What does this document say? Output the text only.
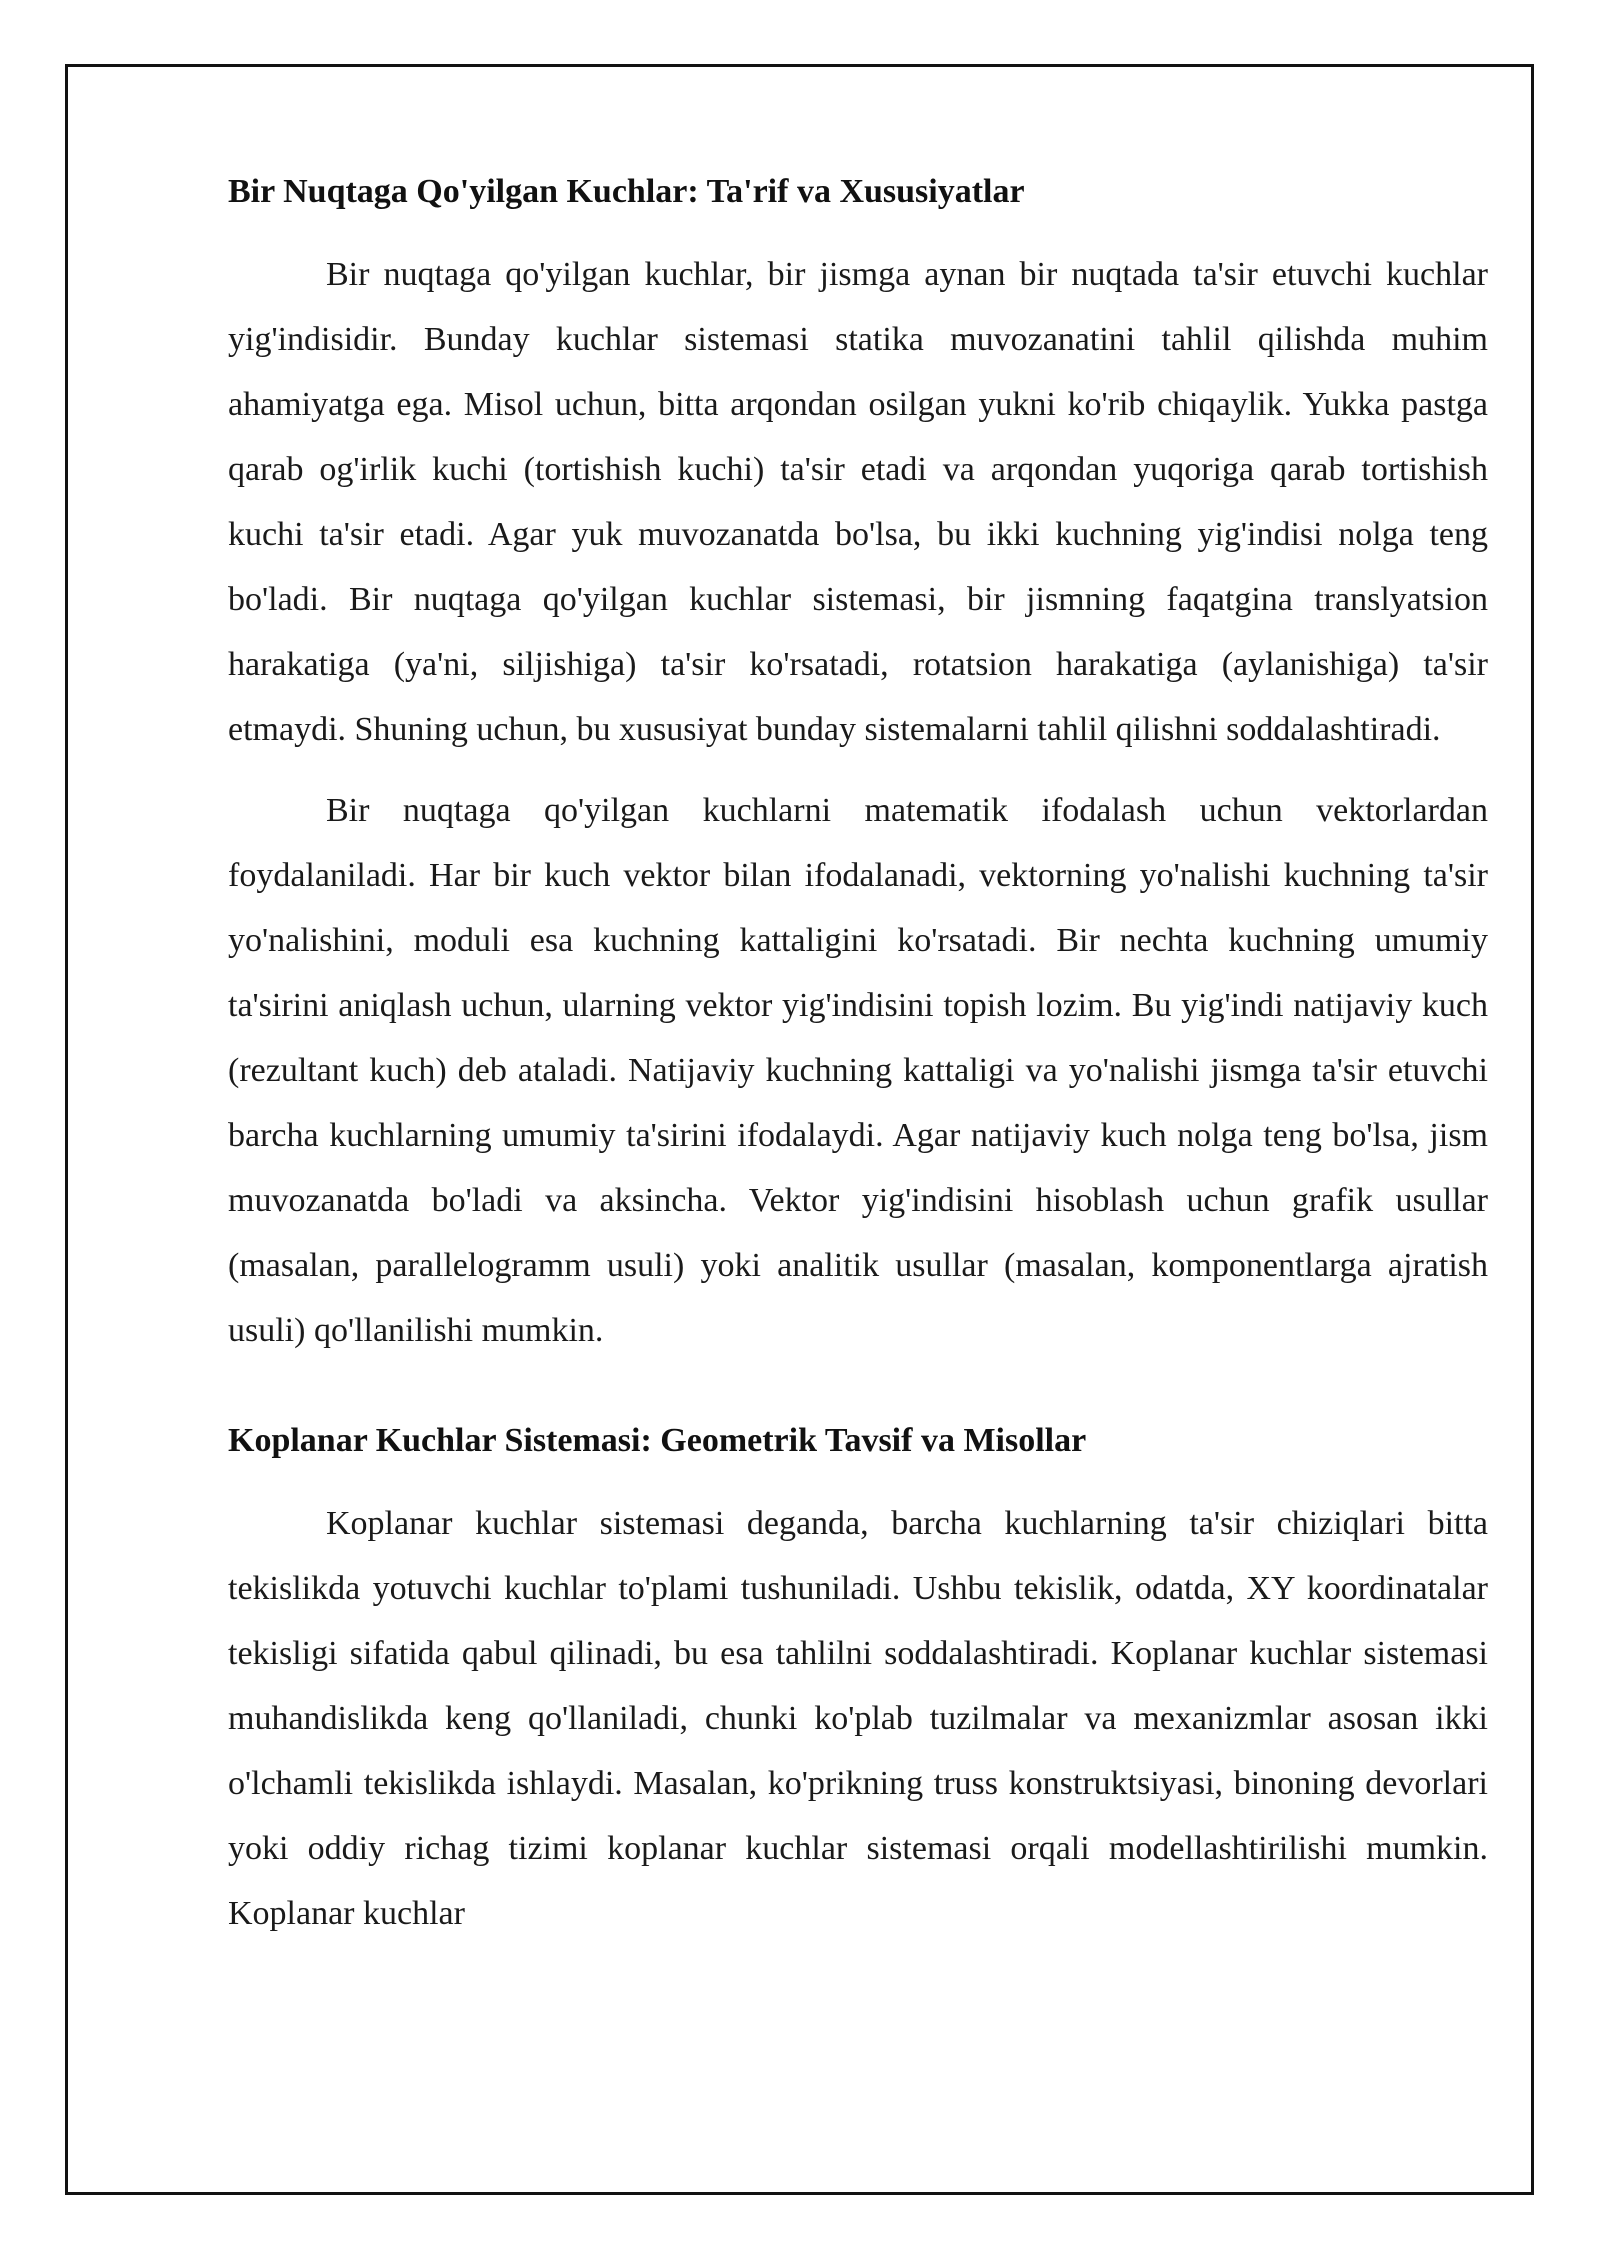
Bir Nuqtaga Qo'yilgan Kuchlar: Ta'rif va Xususiyatlar

Bir nuqtaga qo'yilgan kuchlar, bir jismga aynan bir nuqtada ta'sir etuvchi kuchlar yig'indisidir. Bunday kuchlar sistemasi statika muvozanatini tahlil qilishda muhim ahamiyatga ega. Misol uchun, bitta arqondan osilgan yukni ko'rib chiqaylik. Yukka pastga qarab og'irlik kuchi (tortishish kuchi) ta'sir etadi va arqondan yuqoriga qarab tortishish kuchi ta'sir etadi. Agar yuk muvozanatda bo'lsa, bu ikki kuchning yig'indisi nolga teng bo'ladi. Bir nuqtaga qo'yilgan kuchlar sistemasi, bir jismning faqatgina translyatsion harakatiga (ya'ni, siljishiga) ta'sir ko'rsatadi, rotatsion harakatiga (aylanishiga) ta'sir etmaydi. Shuning uchun, bu xususiyat bunday sistemalarni tahlil qilishni soddalashtiradi.

Bir nuqtaga qo'yilgan kuchlarni matematik ifodalash uchun vektorlardan foydalaniladi. Har bir kuch vektor bilan ifodalanadi, vektorning yo'nalishi kuchning ta'sir yo'nalishini, moduli esa kuchning kattaligini ko'rsatadi. Bir nechta kuchning umumiy ta'sirini aniqlash uchun, ularning vektor yig'indisini topish lozim. Bu yig'indi natijaviy kuch (rezultant kuch) deb ataladi. Natijaviy kuchning kattaligi va yo'nalishi jismga ta'sir etuvchi barcha kuchlarning umumiy ta'sirini ifodalaydi. Agar natijaviy kuch nolga teng bo'lsa, jism muvozanatda bo'ladi va aksincha. Vektor yig'indisini hisoblash uchun grafik usullar (masalan, parallelogramm usuli) yoki analitik usullar (masalan, komponentlarga ajratish usuli) qo'llanilishi mumkin.

Koplanar Kuchlar Sistemasi: Geometrik Tavsif va Misollar

Koplanar kuchlar sistemasi deganda, barcha kuchlarning ta'sir chiziqlari bitta tekislikda yotuvchi kuchlar to'plami tushuniladi. Ushbu tekislik, odatda, XY koordinatalar tekisligi sifatida qabul qilinadi, bu esa tahlilni soddalashtiradi. Koplanar kuchlar sistemasi muhandislikda keng qo'llaniladi, chunki ko'plab tuzilmalar va mexanizmlar asosan ikki o'lchamli tekislikda ishlaydi. Masalan, ko'prikning truss konstruktsiyasi, binoning devorlari yoki oddiy richag tizimi koplanar kuchlar sistemasi orqali modellashtirilishi mumkin. Koplanar kuchlar
